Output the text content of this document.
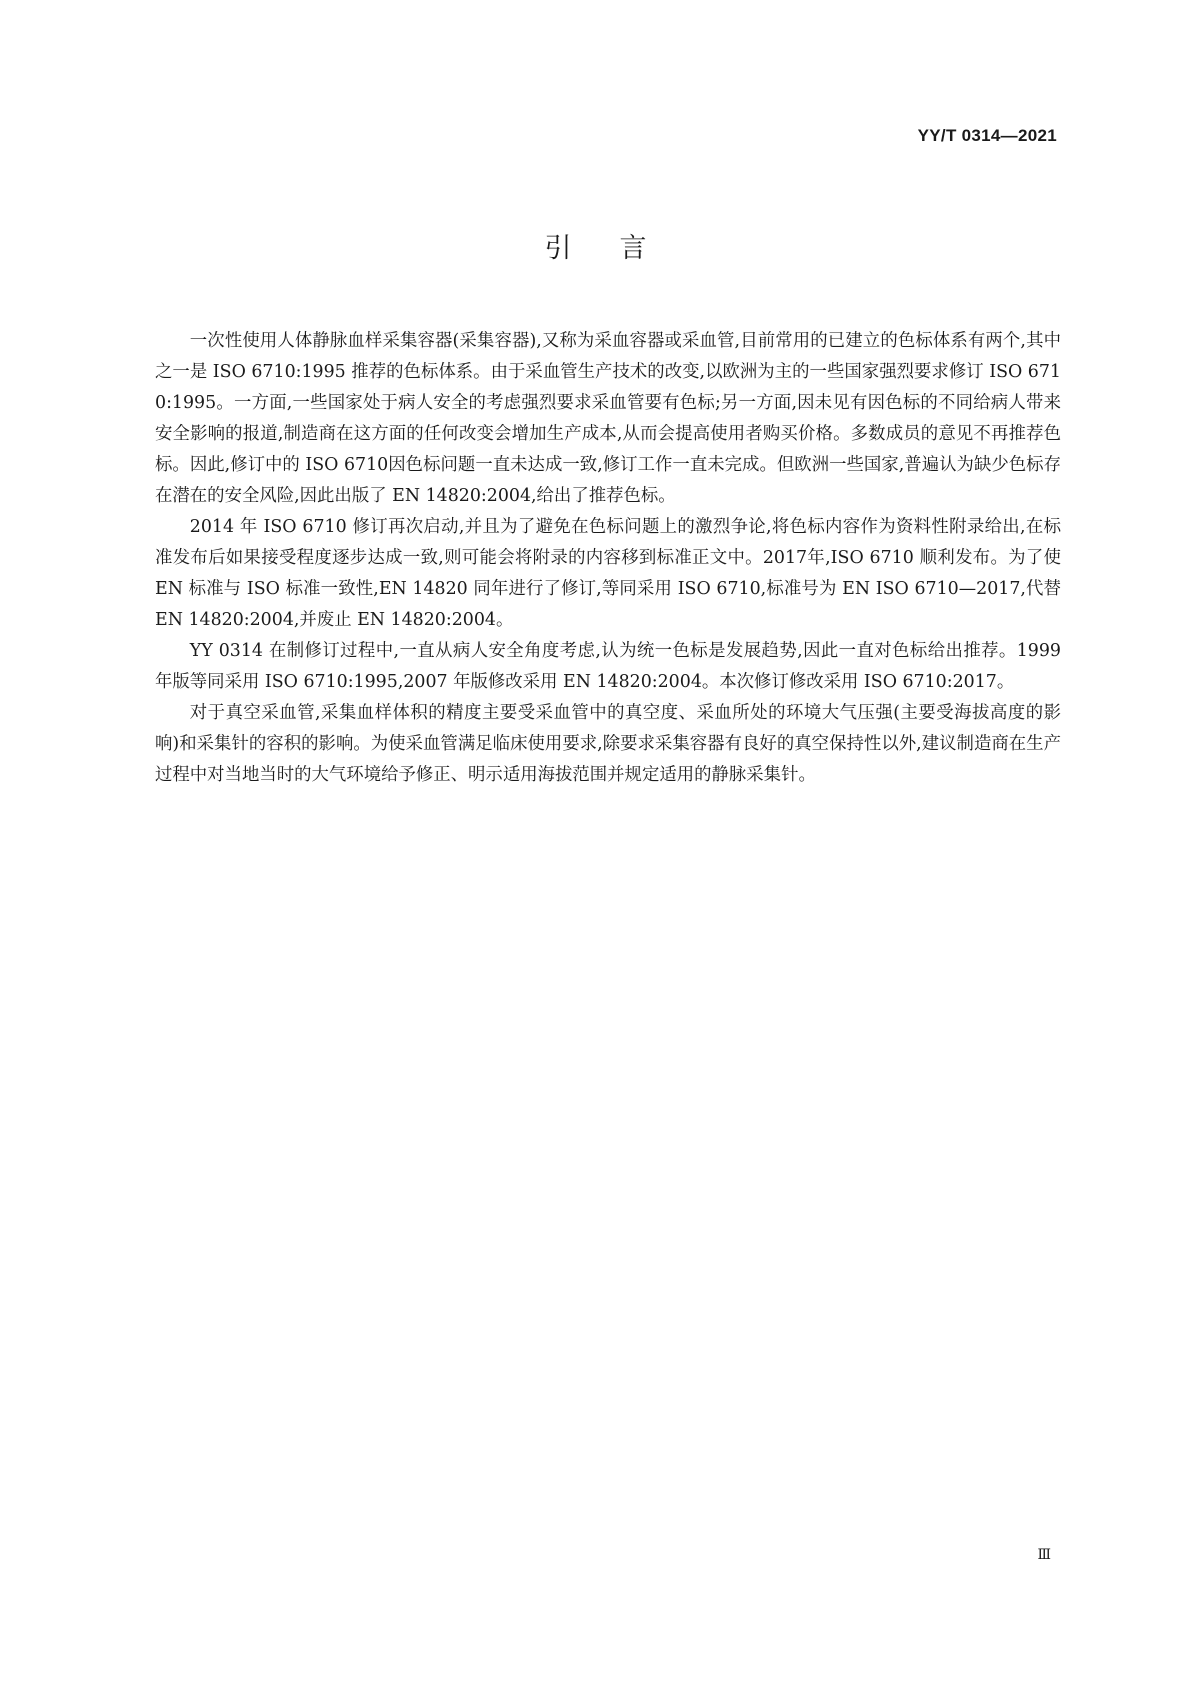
YY/T 0314—2021
引言

一次性使用人体静脉血样采集容器(采集容器),又称为采血容器或采血管,目前常用的已建立的色标体系有两个,其中之一是 ISO 6710:1995 推荐的色标体系。由于采血管生产技术的改变,以欧洲为主的一些国家强烈要求修订 ISO 6710:1995。一方面,一些国家处于病人安全的考虑强烈要求采血管要有色标;另一方面,因未见有因色标的不同给病人带来安全影响的报道,制造商在这方面的任何改变会增加生产成本,从而会提高使用者购买价格。多数成员的意见不再推荐色标。因此,修订中的 ISO 6710因色标问题一直未达成一致,修订工作一直未完成。但欧洲一些国家,普遍认为缺少色标存在潜在的安全风险,因此出版了 EN 14820:2004,给出了推荐色标。

2014 年 ISO 6710 修订再次启动,并且为了避免在色标问题上的激烈争论,将色标内容作为资料性附录给出,在标准发布后如果接受程度逐步达成一致,则可能会将附录的内容移到标准正文中。2017年,ISO 6710 顺利发布。为了使 EN 标准与 ISO 标准一致性,EN 14820 同年进行了修订,等同采用 ISO 6710,标准号为 EN ISO 6710—2017,代替 EN 14820:2004,并废止 EN 14820:2004。

YY 0314 在制修订过程中,一直从病人安全角度考虑,认为统一色标是发展趋势,因此一直对色标给出推荐。1999 年版等同采用 ISO 6710:1995,2007 年版修改采用 EN 14820:2004。本次修订修改采用 ISO 6710:2017。

对于真空采血管,采集血样体积的精度主要受采血管中的真空度、采血所处的环境大气压强(主要受海拔高度的影响)和采集针的容积的影响。为使采血管满足临床使用要求,除要求采集容器有良好的真空保持性以外,建议制造商在生产过程中对当地当时的大气环境给予修正、明示适用海拔范围并规定适用的静脉采集针。

Ⅲ
